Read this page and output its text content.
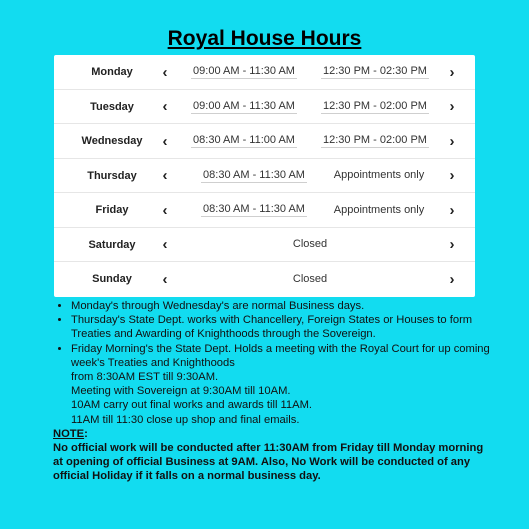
Royal House Hours
Monday	‹	09:00 AM - 11:30 AM	12:30 PM - 02:30 PM	›
Tuesday	‹	09:00 AM - 11:30 AM	12:30 PM - 02:00 PM	›
Wednesday	‹	08:30 AM - 11:00 AM	12:30 PM - 02:00 PM	›
Thursday	‹	08:30 AM - 11:30 AM	Appointments only	›
Friday	‹	08:30 AM - 11:30 AM	Appointments only	›
Saturday	‹	Closed	›
Sunday	‹	Closed	›
• Monday's through Wednesday's are normal Business days.
• Thursday's State Dept. works with Chancellery, Foreign States or Houses to form Treaties and Awarding of Knighthoods through the Sovereign.
• Friday Morning's the State Dept. Holds a meeting with the Royal Court for up coming week's Treaties and Knighthoods
from 8:30AM EST till 9:30AM.
Meeting with Sovereign at 9:30AM till 10AM.
10AM carry out final works and awards till 11AM.
11AM till 11:30 close up shop and final emails.
NOTE:
No official work will be conducted after 11:30AM from Friday till Monday morning at opening of official Business at 9AM. Also, No Work will be conducted of any official Holiday if it falls on a normal business day.
